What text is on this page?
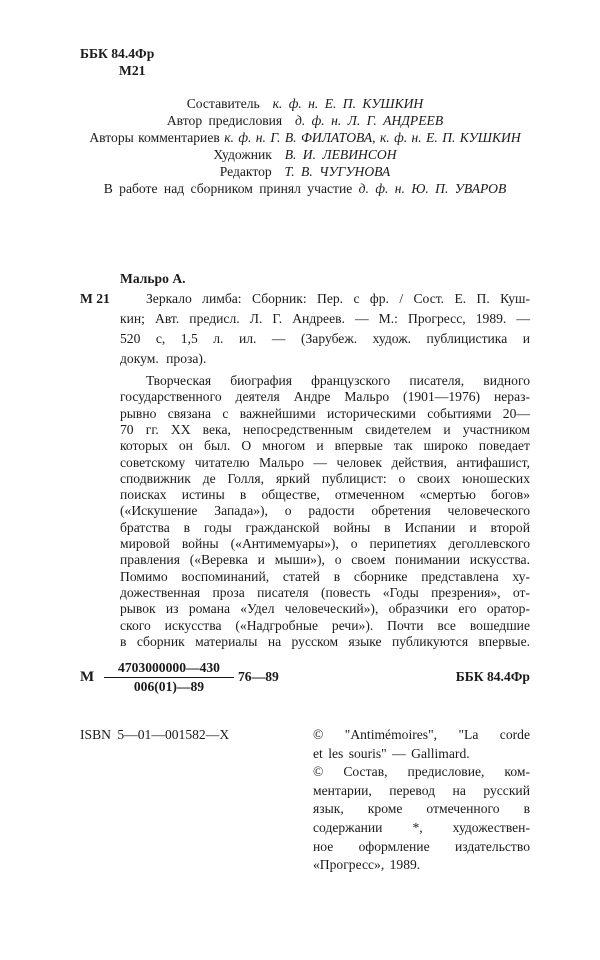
ББК 84.4Фр
М21
Составитель к. ф. н. Е. П. КУШКИН
Автор предисловия д. ф. н. Л. Г. АНДРЕЕВ
Авторы комментариев к. ф. н. Г. В. ФИЛАТОВА, к. ф. н. Е. П. КУШКИН
Художник В. И. ЛЕВИНСОН
Редактор Т. В. ЧУГУНОВА
В работе над сборником принял участие д. ф. н. Ю. П. УВАРОВ
Мальро А.
М 21	Зеркало лимба: Сборник: Пер. с фр. / Сост. Е. П. Куш-
кин; Авт. предисл. Л. Г. Андреев. — М.: Прогресс, 1989. —
520 с, 1,5 л. ил. — (Зарубеж. худож. публицистика и
докум. проза).
Творческая биография французского писателя, видного
государственного деятеля Андре Мальро (1901—1976) нераз-
рывно связана с важнейшими историческими событиями 20—
70 гг. XX века, непосредственным свидетелем и участником
которых он был. О многом и впервые так широко поведает
советскому читателю Мальро — человек действия, антифашист,
сподвижник де Голля, яркий публицист: о своих юношеских
поисках истины в обществе, отмеченном «смертью богов»
(«Искушение Запада»), о радости обретения человеческого
братства в годы гражданской войны в Испании и второй
мировой войны («Антимемуары»), о перипетиях деголлевского
правления («Веревка и мыши»), о своем понимании искусства.
Помимо воспоминаний, статей в сборнике представлена ху-
дожественная проза писателя (повесть «Годы презрения», от-
рывок из романа «Удел человеческий»), образчики его оратор-
ского искусства («Надгробные речи»). Почти все вошедшие
в сборник материалы на русском языке публикуются впервые.
М $\frac{4703000000—430}{006(01)—89}$ 76—89	ББК 84.4Фр
ISBN 5—01—001582—X	© "Antimémoires", "La corde
et les souris" — Gallimard.
© Состав, предисловие, ком-
ментарии, перевод на русский
язык, кроме отмеченного в
содержании *, художествен-
ное оформление издательство
«Прогресс», 1989.
